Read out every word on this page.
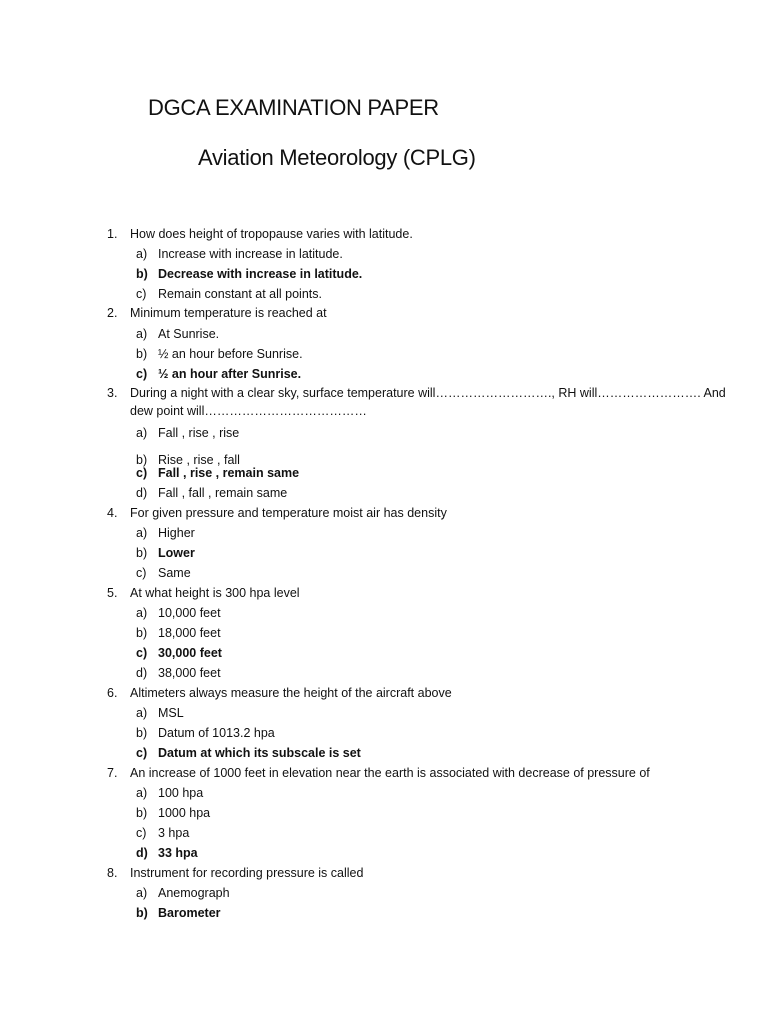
DGCA EXAMINATION PAPER
Aviation Meteorology (CPLG)
1. How does height of tropopause varies with latitude.
a) Increase with increase in latitude.
b) Decrease with increase in latitude.
c) Remain constant at all points.
2. Minimum temperature is reached at
a) At Sunrise.
b) ½ an hour before Sunrise.
c) ½ an hour after Sunrise.
3. During a night with a clear sky, surface temperature will………………………., RH will……………………. And
dew point will…………………………………
a) Fall , rise , rise
b) Rise , rise , fall
c) Fall , rise , remain same
d) Fall , fall , remain same
4. For given pressure and temperature moist air has density
a) Higher
b) Lower
c) Same
5. At what height is 300 hpa level
a) 10,000 feet
b) 18,000 feet
c) 30,000 feet
d) 38,000 feet
6. Altimeters always measure the height of the aircraft above
a) MSL
b) Datum of 1013.2 hpa
c) Datum at which its subscale is set
7. An increase of 1000 feet in elevation near the earth is associated with decrease of pressure of
a) 100 hpa
b) 1000 hpa
c) 3 hpa
d) 33 hpa
8. Instrument for recording pressure is called
a) Anemograph
b) Barometer
